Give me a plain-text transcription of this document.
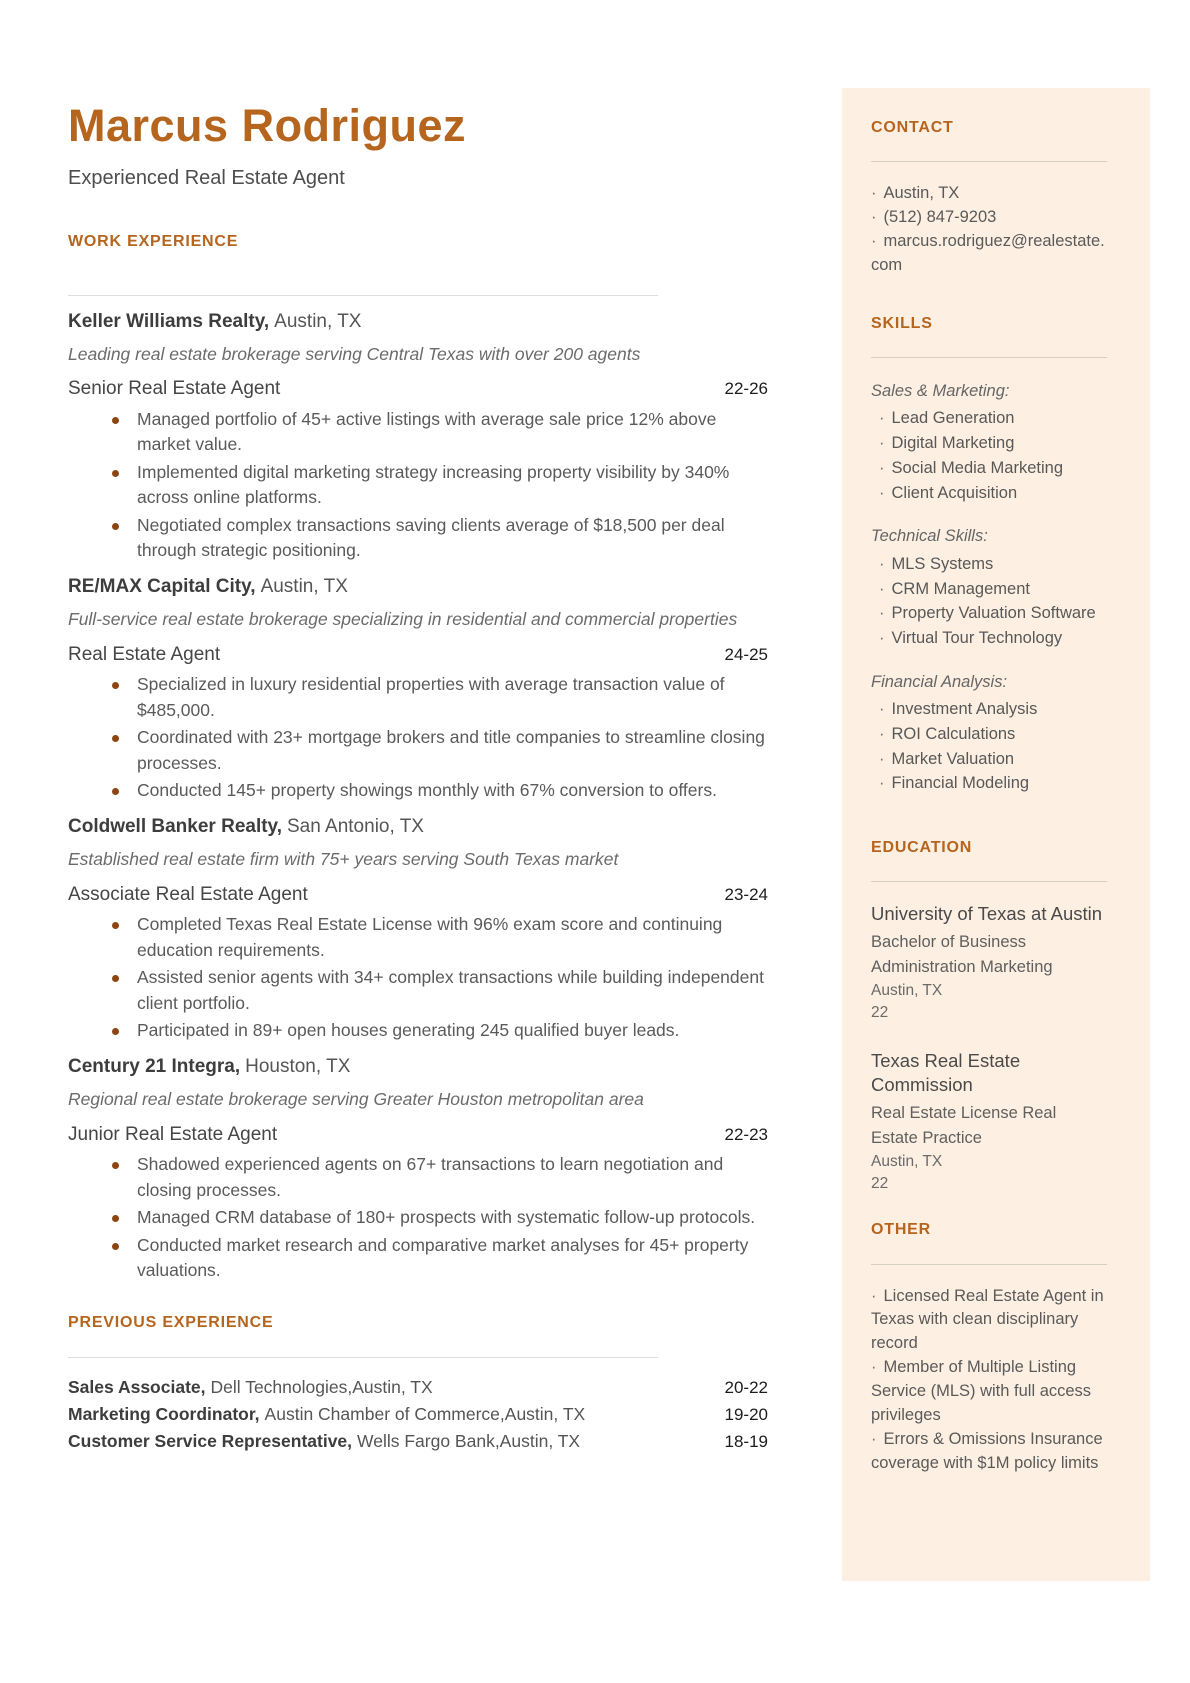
Marcus Rodriguez
Experienced Real Estate Agent
WORK EXPERIENCE
Keller Williams Realty, Austin, TX
Leading real estate brokerage serving Central Texas with over 200 agents
Senior Real Estate Agent	22-26
Managed portfolio of 45+ active listings with average sale price 12% above market value.
Implemented digital marketing strategy increasing property visibility by 340% across online platforms.
Negotiated complex transactions saving clients average of $18,500 per deal through strategic positioning.
RE/MAX Capital City, Austin, TX
Full-service real estate brokerage specializing in residential and commercial properties
Real Estate Agent	24-25
Specialized in luxury residential properties with average transaction value of $485,000.
Coordinated with 23+ mortgage brokers and title companies to streamline closing processes.
Conducted 145+ property showings monthly with 67% conversion to offers.
Coldwell Banker Realty, San Antonio, TX
Established real estate firm with 75+ years serving South Texas market
Associate Real Estate Agent	23-24
Completed Texas Real Estate License with 96% exam score and continuing education requirements.
Assisted senior agents with 34+ complex transactions while building independent client portfolio.
Participated in 89+ open houses generating 245 qualified buyer leads.
Century 21 Integra, Houston, TX
Regional real estate brokerage serving Greater Houston metropolitan area
Junior Real Estate Agent	22-23
Shadowed experienced agents on 67+ transactions to learn negotiation and closing processes.
Managed CRM database of 180+ prospects with systematic follow-up protocols.
Conducted market research and comparative market analyses for 45+ property valuations.
PREVIOUS EXPERIENCE
Sales Associate, Dell Technologies,Austin, TX	20-22
Marketing Coordinator, Austin Chamber of Commerce,Austin, TX	19-20
Customer Service Representative, Wells Fargo Bank,Austin, TX	18-19
CONTACT
· Austin, TX
· (512) 847-9203
· marcus.rodriguez@realestate.com
SKILLS
Sales & Marketing:
· Lead Generation
· Digital Marketing
· Social Media Marketing
· Client Acquisition
Technical Skills:
· MLS Systems
· CRM Management
· Property Valuation Software
· Virtual Tour Technology
Financial Analysis:
· Investment Analysis
· ROI Calculations
· Market Valuation
· Financial Modeling
EDUCATION
University of Texas at Austin
Bachelor of Business Administration Marketing
Austin, TX
22
Texas Real Estate Commission
Real Estate License Real Estate Practice
Austin, TX
22
OTHER
· Licensed Real Estate Agent in Texas with clean disciplinary record
· Member of Multiple Listing Service (MLS) with full access privileges
· Errors & Omissions Insurance coverage with $1M policy limits
